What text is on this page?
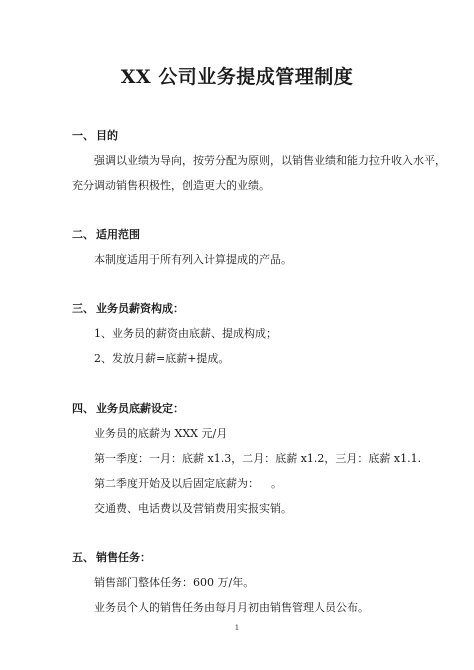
XX 公司业务提成管理制度
一、 目的
强调以业绩为导向，按劳分配为原则，以销售业绩和能力拉升收入水平，
充分调动销售积极性，创造更大的业绩。
二、 适用范围
本制度适用于所有列入计算提成的产品。
三、 业务员薪资构成：
1、业务员的薪资由底薪、提成构成；
2、发放月薪=底薪+提成。
四、 业务员底薪设定：
业务员的底薪为 XXX 元/月
第一季度：一月：底薪 x1.3，二月：底薪 x1.2，三月：底薪 x1.1.
第二季度开始及以后固定底薪为： 。
交通费、电话费以及营销费用实报实销。
五、 销售任务：
销售部门整体任务：600 万/年。
业务员个人的销售任务由每月月初由销售管理人员公布。
1
